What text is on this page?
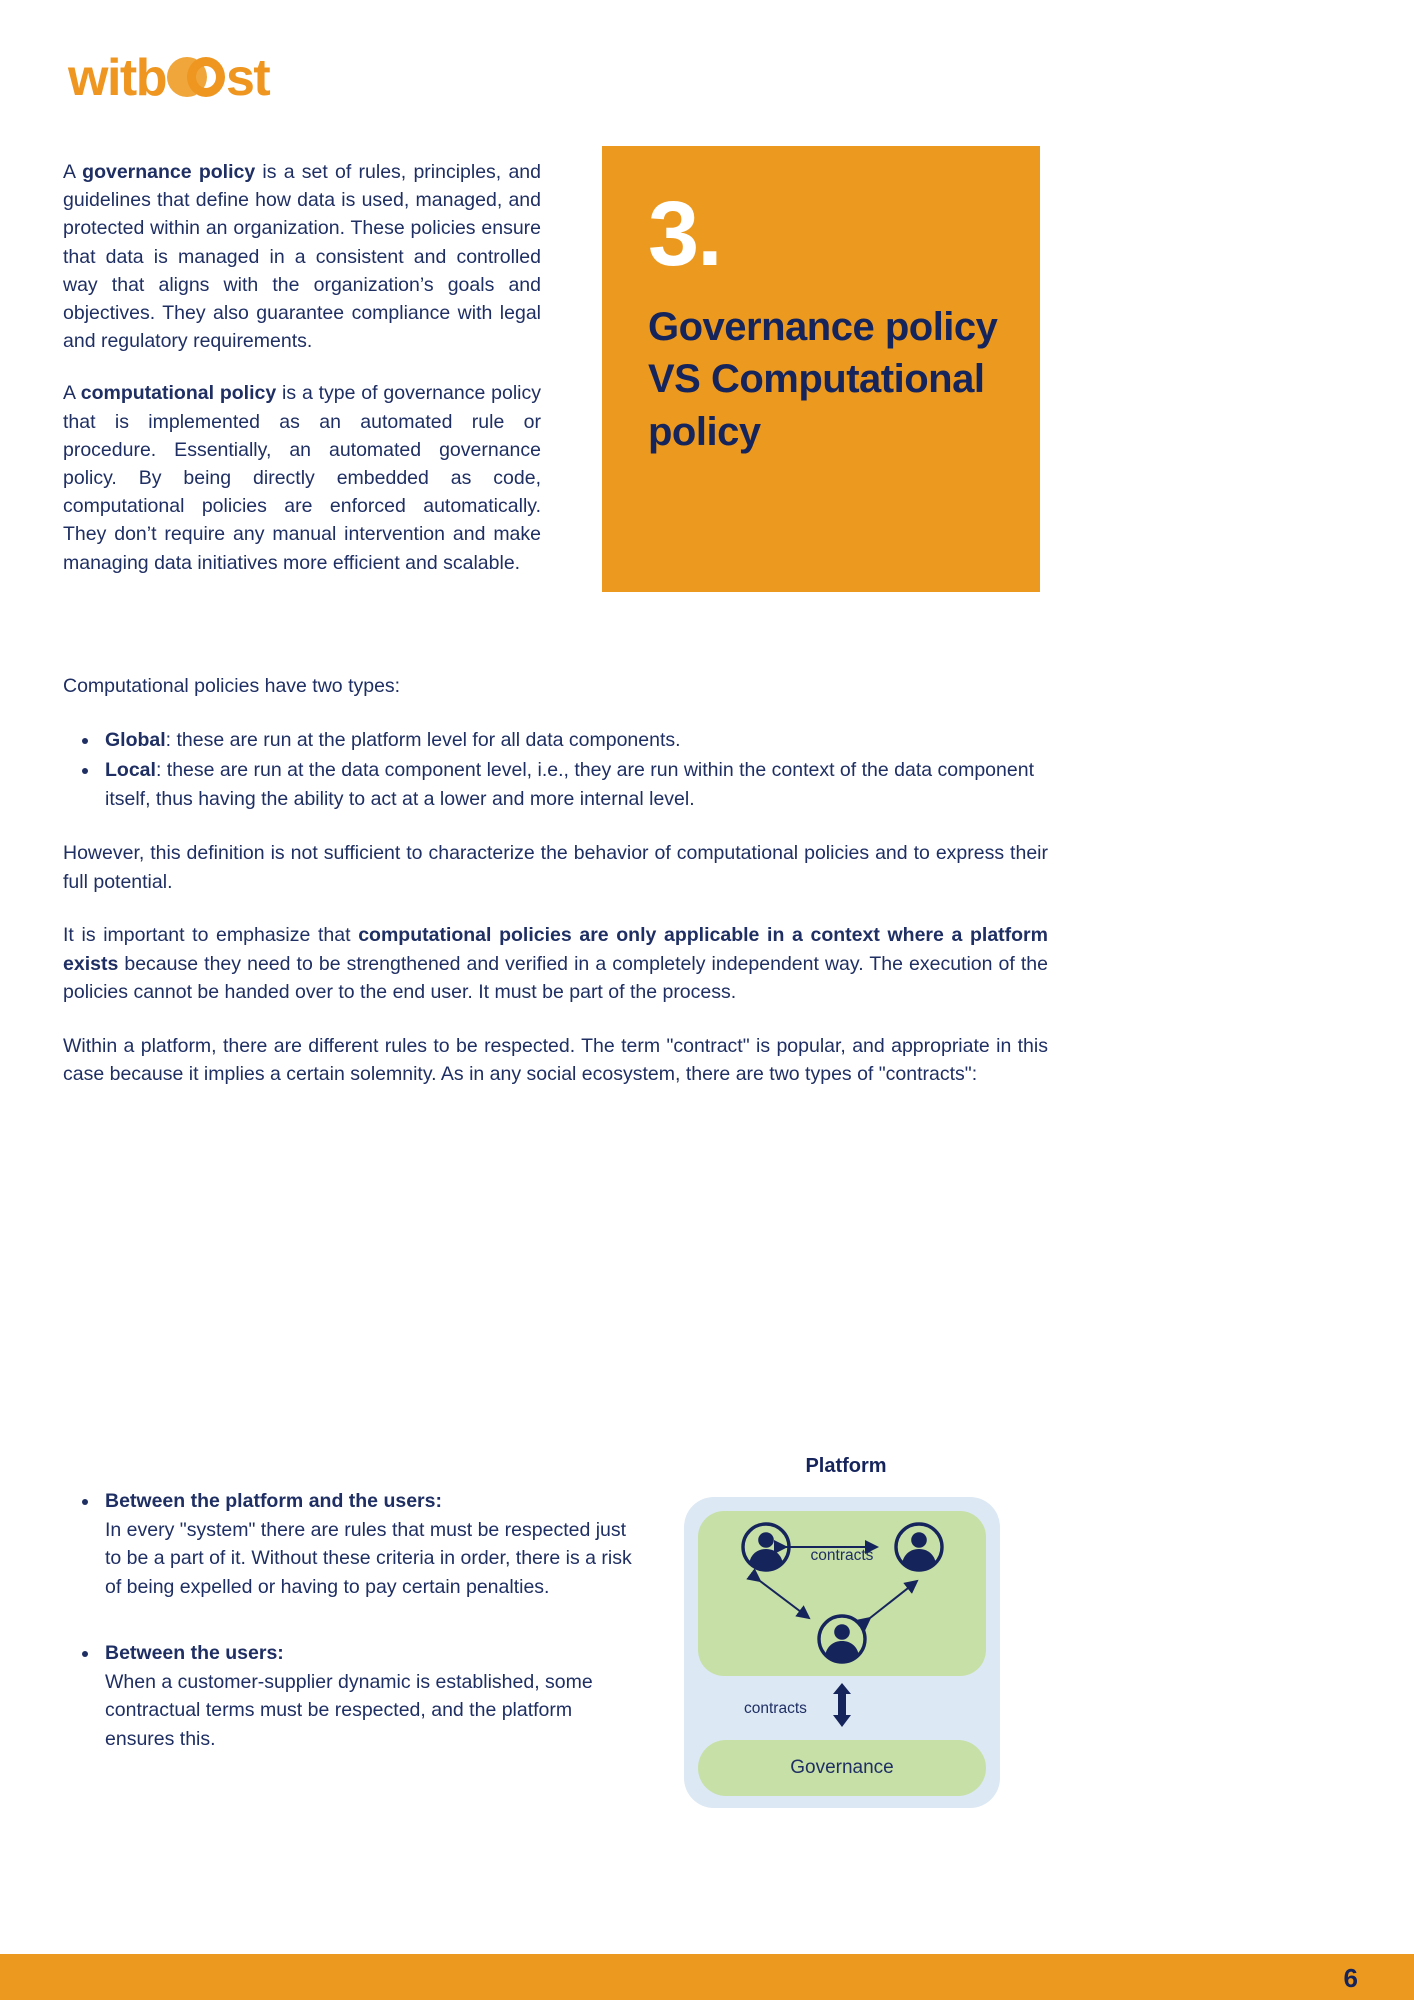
witb st

A governance policy is a set of rules, principles, and guidelines that define how data is used, managed, and protected within an organization. These policies ensure that data is managed in a consistent and controlled way that aligns with the organization’s goals and objectives. They also guarantee compliance with legal and regulatory requirements.

A computational policy is a type of governance policy that is implemented as an automated rule or procedure. Essentially, an automated governance policy. By being directly embedded as code, computational policies are enforced automatically. They don’t require any manual intervention and make managing data initiatives more efficient and scalable.

3.
Governance policy VS Computational policy

Computational policies have two types:

Global: these are run at the platform level for all data components.
Local: these are run at the data component level, i.e., they are run within the context of the data component itself, thus having the ability to act at a lower and more internal level.

However, this definition is not sufficient to characterize the behavior of computational policies and to express their full potential.

It is important to emphasize that computational policies are only applicable in a context where a platform exists because they need to be strengthened and verified in a completely independent way. The execution of the policies cannot be handed over to the end user. It must be part of the process.

Within a platform, there are different rules to be respected. The term "contract" is popular, and appropriate in this case because it implies a certain solemnity. As in any social ecosystem, there are two types of "contracts":

Between the platform and the users:
In every "system" there are rules that must be respected just to be a part of it. Without these criteria in order, there is a risk of being expelled or having to pay certain penalties.
Between the users:
When a customer-supplier dynamic is established, some contractual terms must be respected, and the platform ensures this.
Platform
contracts
contracts
Governance
6
